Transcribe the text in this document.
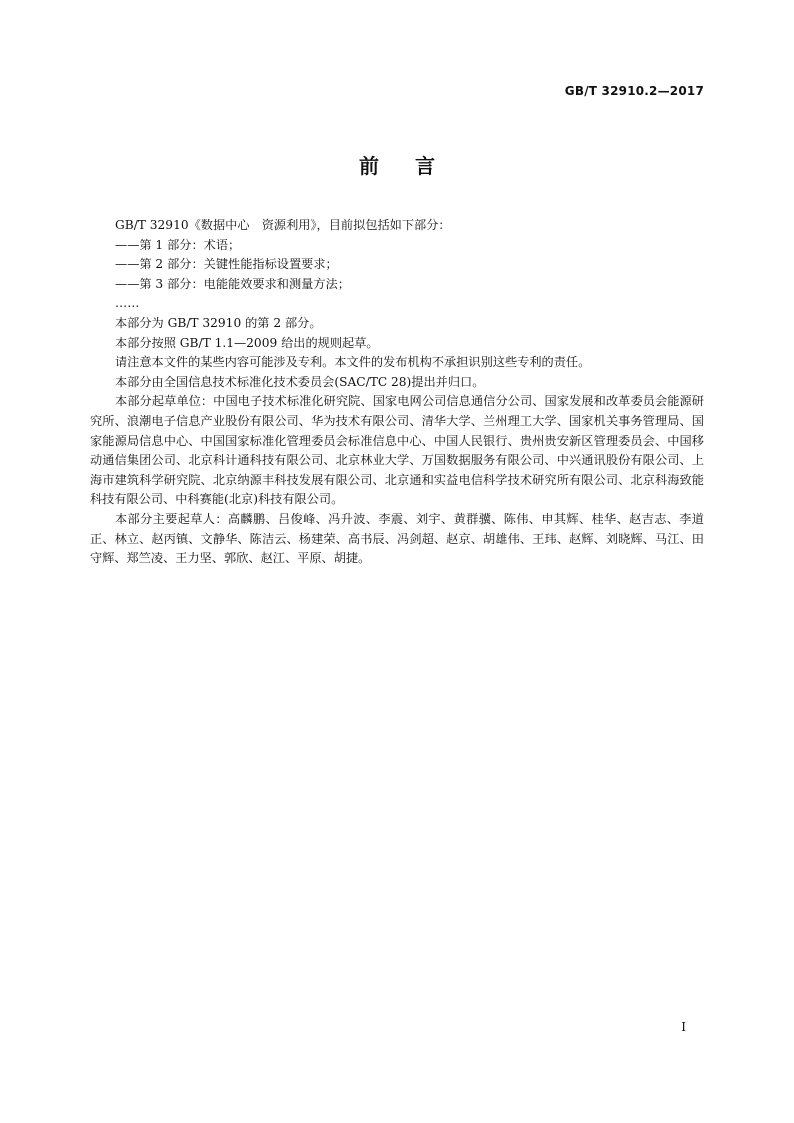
GB/T 32910.2—2017
前言

GB/T 32910《数据中心　资源利用》，目前拟包括如下部分：

——第 1 部分：术语；

——第 2 部分：关键性能指标设置要求；

——第 3 部分：电能能效要求和测量方法；

……

本部分为 GB/T 32910 的第 2 部分。

本部分按照 GB/T 1.1—2009 给出的规则起草。

请注意本文件的某些内容可能涉及专利。本文件的发布机构不承担识别这些专利的责任。

本部分由全国信息技术标准化技术委员会(SAC/TC 28)提出并归口。

本部分起草单位：中国电子技术标准化研究院、国家电网公司信息通信分公司、国家发展和改革委员会能源研究所、浪潮电子信息产业股份有限公司、华为技术有限公司、清华大学、兰州理工大学、国家机关事务管理局、国家能源局信息中心、中国国家标准化管理委员会标准信息中心、中国人民银行、贵州贵安新区管理委员会、中国移动通信集团公司、北京科计通科技有限公司、北京林业大学、万国数据服务有限公司、中兴通讯股份有限公司、上海市建筑科学研究院、北京纳源丰科技发展有限公司、北京通和实益电信科学技术研究所有限公司、北京科海致能科技有限公司、中科赛能(北京)科技有限公司。

本部分主要起草人：高麟鹏、吕俊峰、冯升波、李震、刘宇、黄群骥、陈伟、申其辉、桂华、赵吉志、李道正、林立、赵丙镇、文静华、陈洁云、杨建荣、高书辰、冯剑超、赵京、胡雄伟、王玮、赵辉、刘晓辉、马江、田守辉、郑竺凌、王力坚、郭欣、赵江、平原、胡捷。

I
